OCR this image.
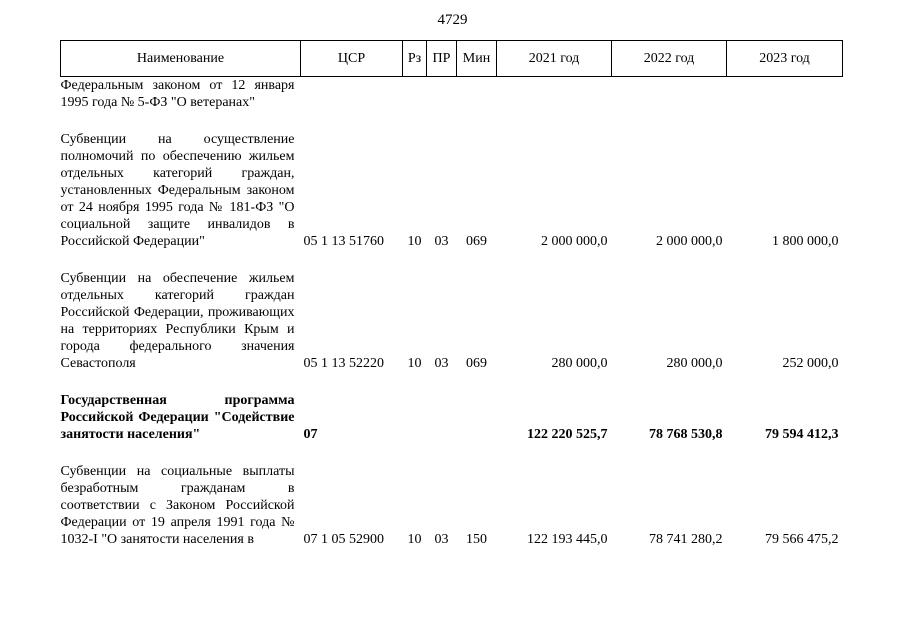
4729
Наименование	ЦСР	Рз	ПР	Мин	2021 год	2022 год	2023 год
Федеральным законом от 12 января 1995 года № 5-ФЗ "О ветеранах"							

Субвенции на осуществление полномочий по обеспечению жильем отдельных категорий граждан, установленных Федеральным законом от 24 ноября 1995 года № 181-ФЗ "О социальной защите инвалидов в Российской Федерации"	05 1 13 51760	10	03	069	2 000 000,0	2 000 000,0	1 800 000,0

Субвенции на обеспечение жильем отдельных категорий граждан Российской Федерации, проживающих на территориях Республики Крым и города федерального значения Севастополя	05 1 13 52220	10	03	069	280 000,0	280 000,0	252 000,0

Государственная программа Российской Федерации "Содействие занятости населения"	07				122 220 525,7	78 768 530,8	79 594 412,3

Субвенции на социальные выплаты безработным гражданам в соответствии с Законом Российской Федерации от 19 апреля 1991 года № 1032-I "О занятости населения в	07 1 05 52900	10	03	150	122 193 445,0	78 741 280,2	79 566 475,2
